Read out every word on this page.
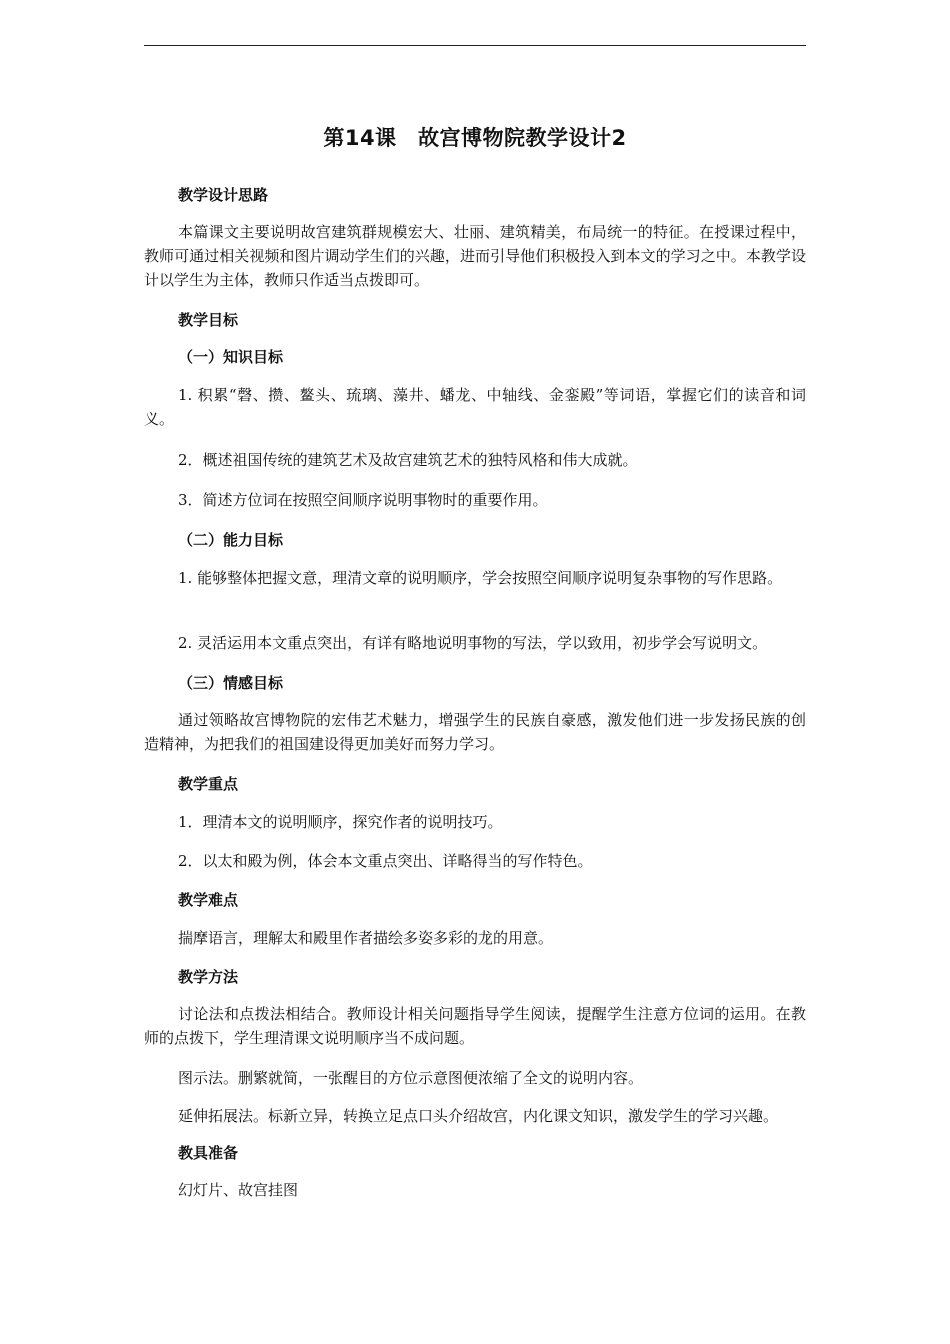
第14课　故宫博物院教学设计2
教学设计思路
本篇课文主要说明故宫建筑群规模宏大、壮丽、建筑精美，布局统一的特征。在授课过程中，教师可通过相关视频和图片调动学生们的兴趣，进而引导他们积极投入到本文的学习之中。本教学设计以学生为主体，教师只作适当点拨即可。
教学目标
（一）知识目标
1. 积累“磬、攒、鳌头、琉璃、藻井、蟠龙、中轴线、金銮殿”等词语，掌握它们的读音和词义。
2．概述祖国传统的建筑艺术及故宫建筑艺术的独特风格和伟大成就。
3．简述方位词在按照空间顺序说明事物时的重要作用。
（二）能力目标
1. 能够整体把握文意，理清文章的说明顺序，学会按照空间顺序说明复杂事物的写作思路。
2. 灵活运用本文重点突出，有详有略地说明事物的写法，学以致用，初步学会写说明文。
（三）情感目标
通过领略故宫博物院的宏伟艺术魅力，增强学生的民族自豪感，激发他们进一步发扬民族的创造精神，为把我们的祖国建设得更加美好而努力学习。
教学重点
1．理清本文的说明顺序，探究作者的说明技巧。
2．以太和殿为例，体会本文重点突出、详略得当的写作特色。
教学难点
揣摩语言，理解太和殿里作者描绘多姿多彩的龙的用意。
教学方法
讨论法和点拨法相结合。教师设计相关问题指导学生阅读，提醒学生注意方位词的运用。在教师的点拨下，学生理清课文说明顺序当不成问题。
图示法。删繁就简，一张醒目的方位示意图便浓缩了全文的说明内容。
延伸拓展法。标新立异，转换立足点口头介绍故宫，内化课文知识，激发学生的学习兴趣。
教具准备
幻灯片、故宫挂图
